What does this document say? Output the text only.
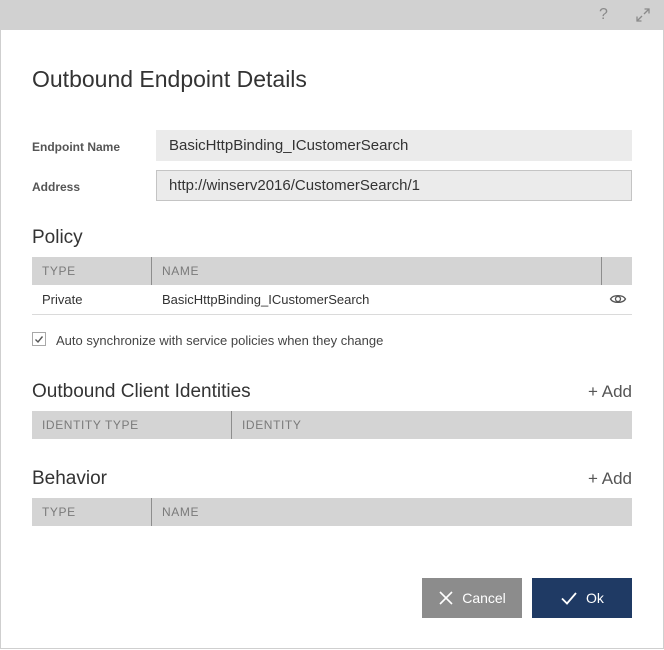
?
Outbound Endpoint Details
Endpoint Name	BasicHttpBinding_ICustomerSearch
Address	http://winserv2016/CustomerSearch/1
Policy
TYPE	NAME
Private	BasicHttpBinding_ICustomerSearch
Auto synchronize with service policies when they change
Outbound Client Identities	+ Add
IDENTITY TYPE	IDENTITY
Behavior	+ Add
TYPE	NAME
Cancel	Ok
